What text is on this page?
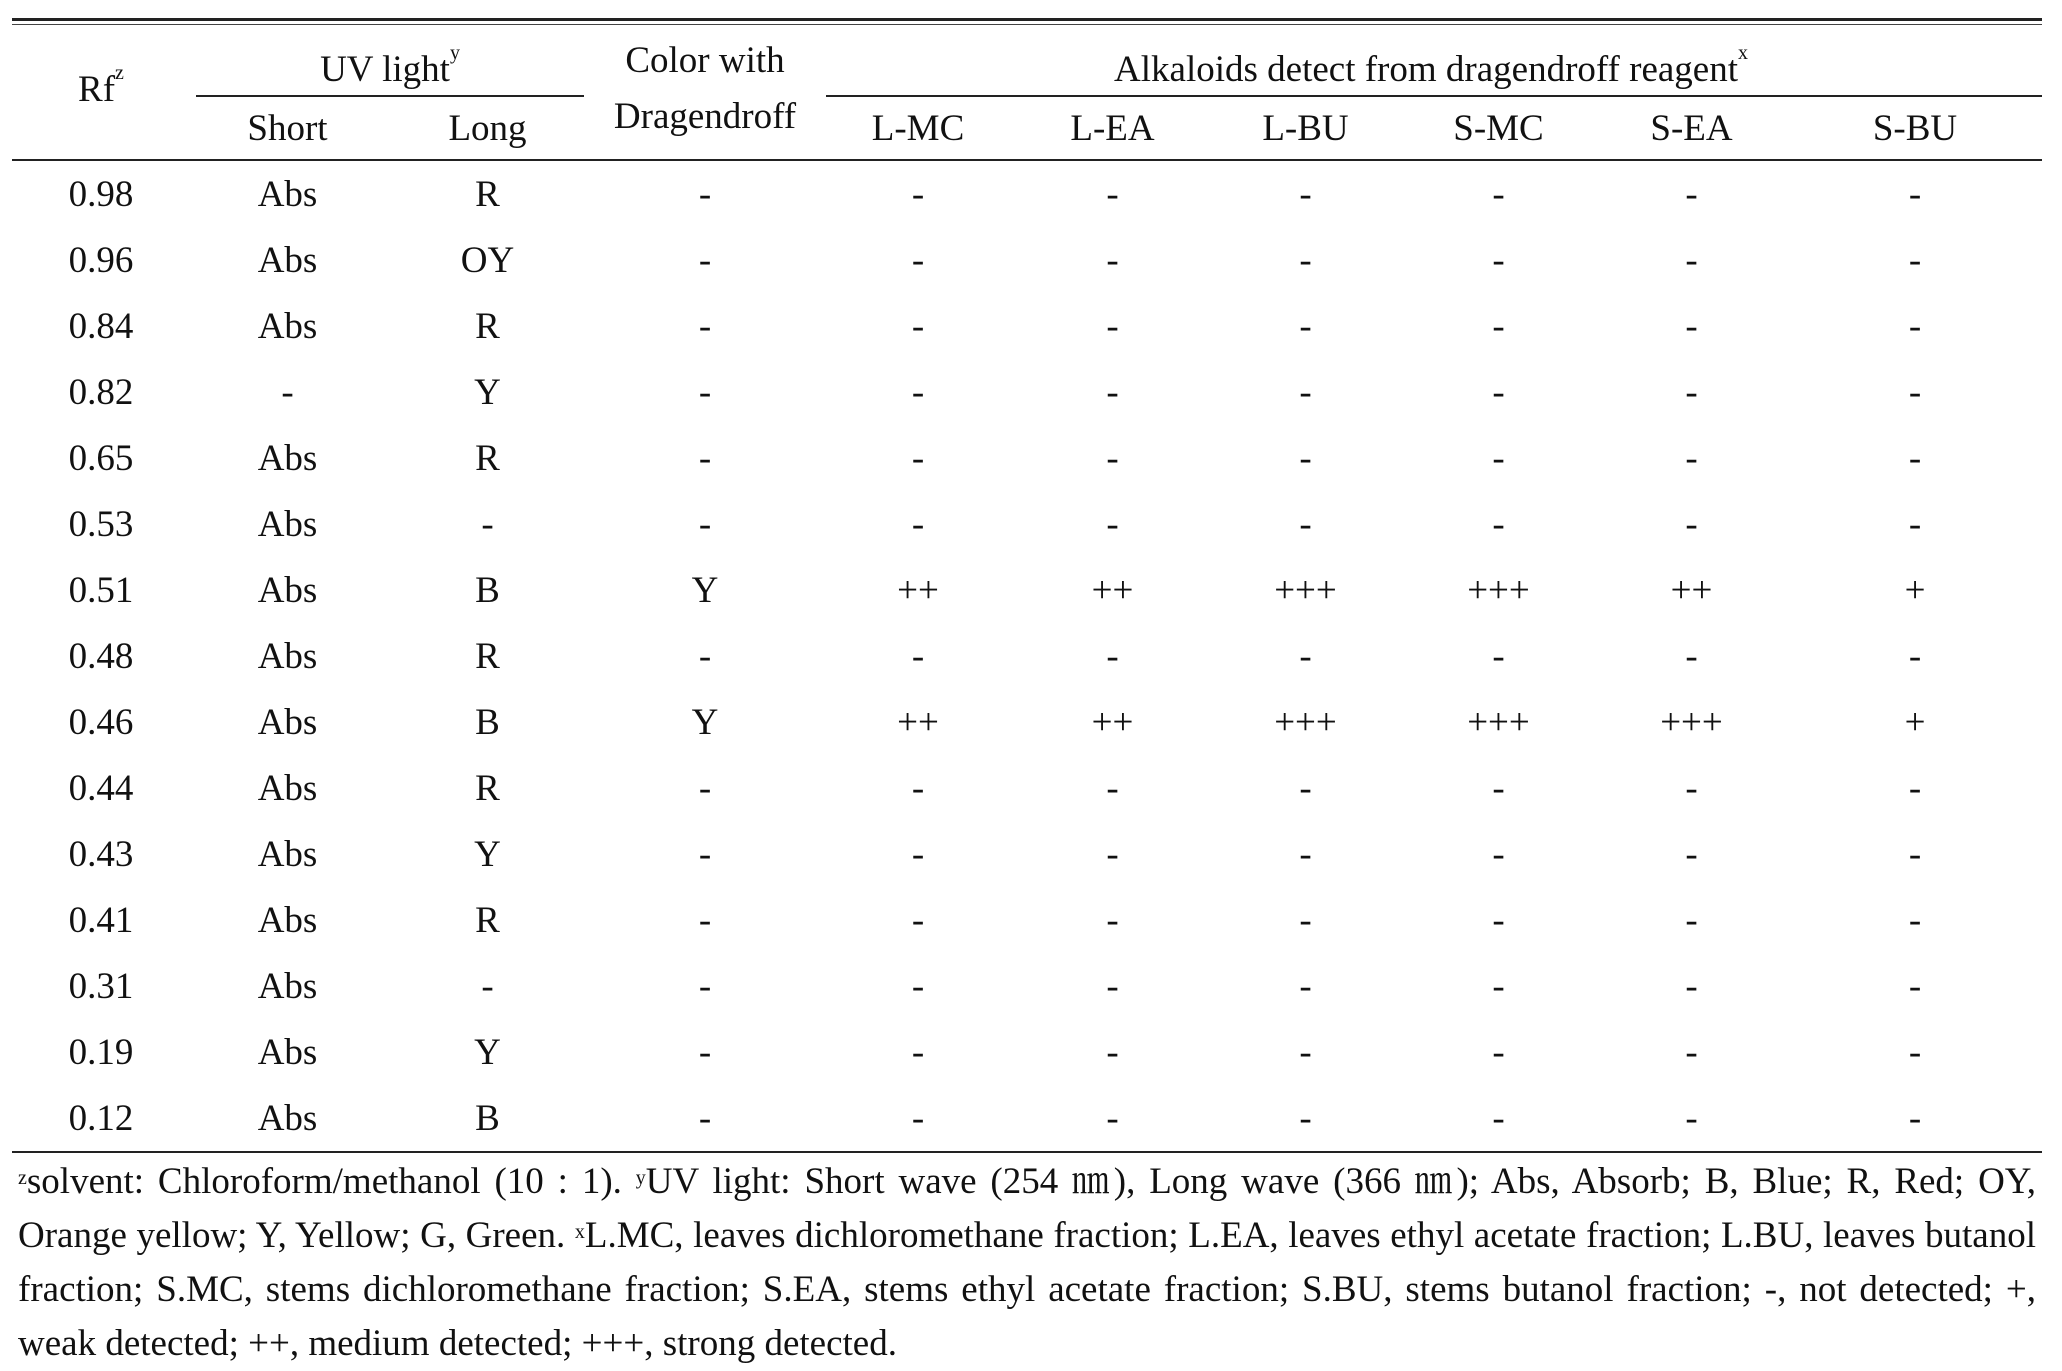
Rf$^z$	UV light$^y$		Color with
Dragendroff	Alkaloids detect from dragendroff reagent$^x$
	Short	Long		L-MC	L-EA	L-BU	S-MC	S-EA	S-BU
0.98	Abs	R	-	-	-	-	-	-	-
0.96	Abs	OY	-	-	-	-	-	-	-
0.84	Abs	R	-	-	-	-	-	-	-
0.82	-	Y	-	-	-	-	-	-	-
0.65	Abs	R	-	-	-	-	-	-	-
0.53	Abs	-	-	-	-	-	-	-	-
0.51	Abs	B	Y	++	++	+++	+++	++	+
0.48	Abs	R	-	-	-	-	-	-	-
0.46	Abs	B	Y	++	++	+++	+++	+++	+
0.44	Abs	R	-	-	-	-	-	-	-
0.43	Abs	Y	-	-	-	-	-	-	-
0.41	Abs	R	-	-	-	-	-	-	-
0.31	Abs	-	-	-	-	-	-	-	-
0.19	Abs	Y	-	-	-	-	-	-	-
0.12	Abs	B	-	-	-	-	-	-	-
$^z$solvent: Chloroform/methanol (10 : 1). $^y$UV light: Short wave (254 ㎚), Long wave (366 ㎚); Abs, Absorb; B, Blue; R, Red; OY, Orange yellow; Y, Yellow; G, Green. $^x$L.MC, leaves dichloromethane fraction; L.EA, leaves ethyl acetate fraction; L.BU, leaves butanol fraction; S.MC, stems dichloromethane fraction; S.EA, stems ethyl acetate fraction; S.BU, stems butanol fraction; -, not detected; +, weak detected; ++, medium detected; +++, strong detected.
